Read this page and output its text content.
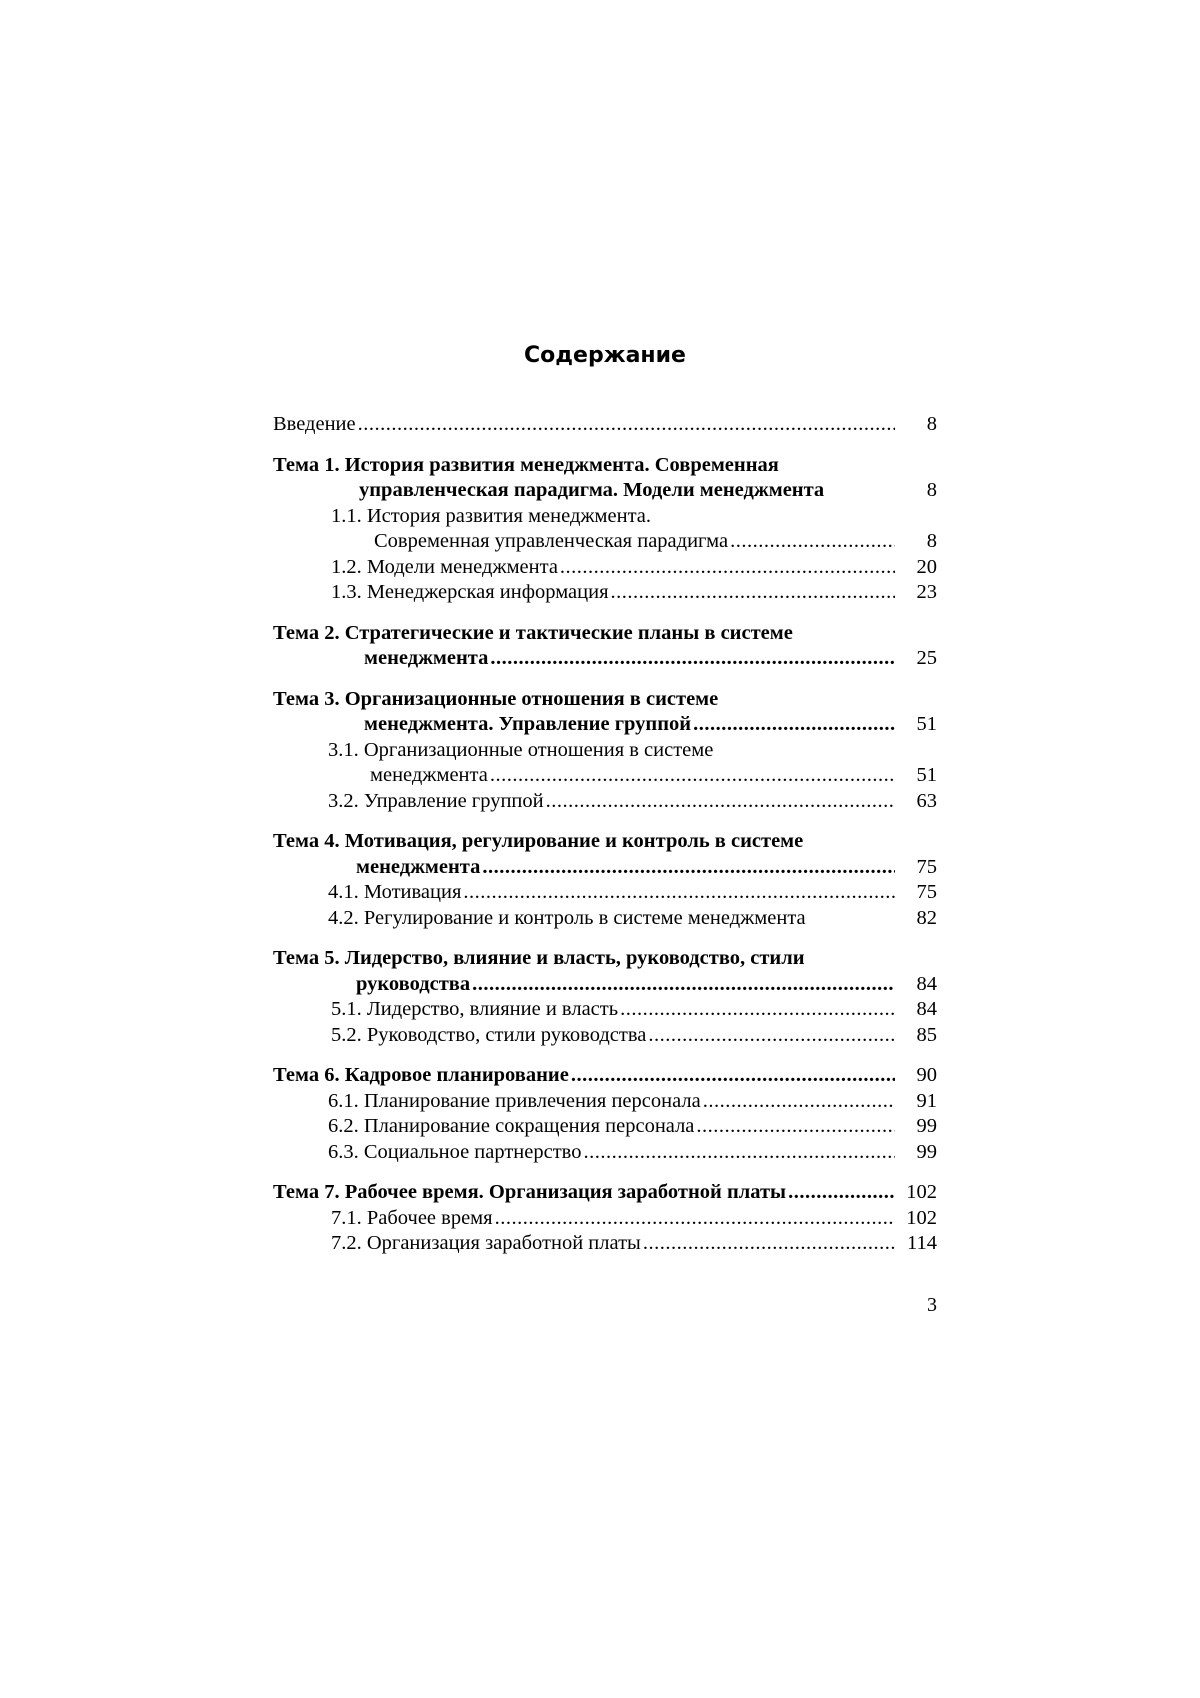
Содержание
Введение .....	8
Тема 1. История развития менеджмента. Современная
управленческая парадигма. Модели менеджмента	8
1.1. История развития менеджмента.
Современная управленческая парадигма .....	8
1.2. Модели менеджмента .....	20
1.3. Менеджерская информация .....	23
Тема 2. Стратегические и тактические планы в системе
менеджмента .....	25
Тема 3. Организационные отношения в системе
менеджмента. Управление группой .....	51
3.1. Организационные отношения в системе
менеджмента .....	51
3.2. Управление группой .....	63
Тема 4. Мотивация, регулирование и контроль в системе
менеджмента .....	75
4.1. Мотивация .....	75
4.2. Регулирование и контроль в системе менеджмента	82
Тема 5. Лидерство, влияние и власть, руководство, стили
руководства .....	84
5.1. Лидерство, влияние и власть .....	84
5.2. Руководство, стили руководства .....	85
Тема 6. Кадровое планирование .....	90
6.1. Планирование привлечения персонала .....	91
6.2. Планирование сокращения персонала .....	99
6.3. Социальное партнерство .....	99
Тема 7. Рабочее время. Организация заработной платы .....	102
7.1. Рабочее время .....	102
7.2. Организация заработной платы .....	114
3
